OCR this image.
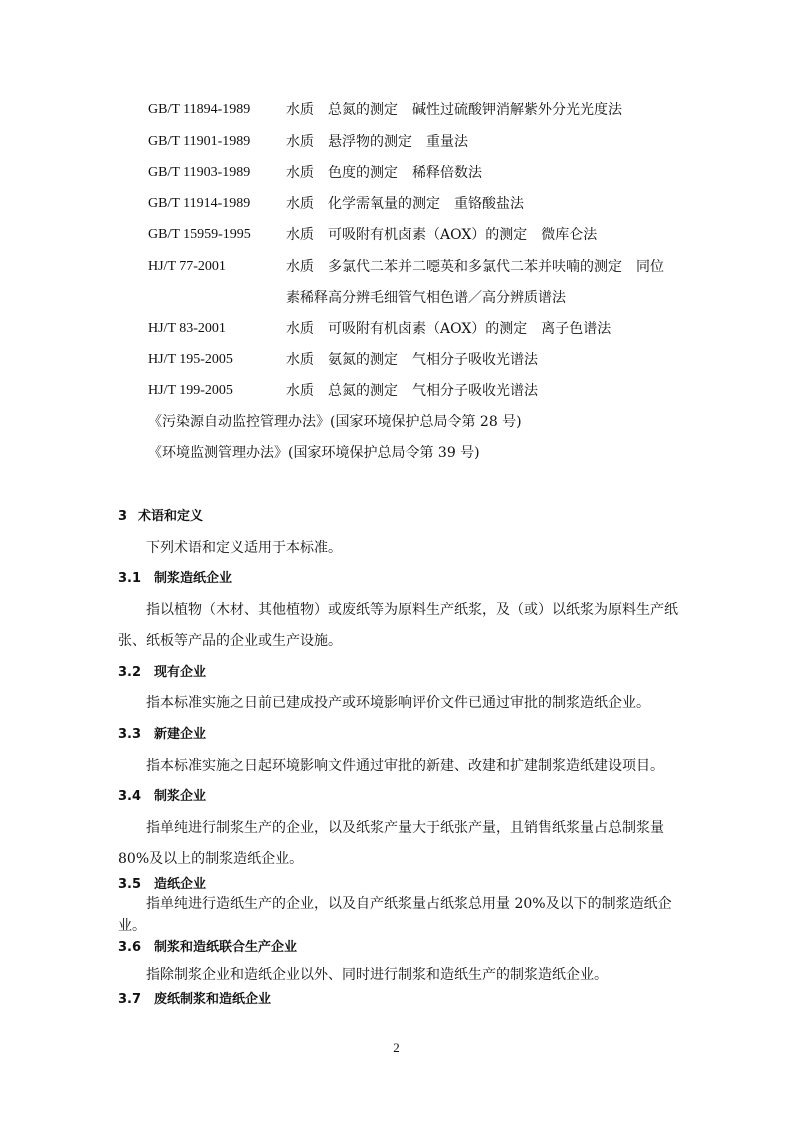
GB/T 11894-1989	水质　总氮的测定　碱性过硫酸钾消解紫外分光光度法
GB/T 11901-1989	水质　悬浮物的测定　重量法
GB/T 11903-1989	水质　色度的测定　稀释倍数法
GB/T 11914-1989	水质　化学需氧量的测定　重铬酸盐法
GB/T 15959-1995	水质　可吸附有机卤素（AOX）的测定　微库仑法
HJ/T 77-2001	水质　多氯代二苯并二噁英和多氯代二苯并呋喃的测定　同位
素稀释高分辨毛细管气相色谱／高分辨质谱法
HJ/T 83-2001	水质　可吸附有机卤素（AOX）的测定　离子色谱法
HJ/T 195-2005	水质　氨氮的测定　气相分子吸收光谱法
HJ/T 199-2005	水质　总氮的测定　气相分子吸收光谱法
《污染源自动监控管理办法》(国家环境保护总局令第 28 号)
《环境监测管理办法》(国家环境保护总局令第 39 号)
3 术语和定义

下列术语和定义适用于本标准。

3.1 制浆造纸企业

指以植物（木材、其他植物）或废纸等为原料生产纸浆，及（或）以纸浆为原料生产纸张、纸板等产品的企业或生产设施。

3.2 现有企业

指本标准实施之日前已建成投产或环境影响评价文件已通过审批的制浆造纸企业。

3.3 新建企业

指本标准实施之日起环境影响文件通过审批的新建、改建和扩建制浆造纸建设项目。

3.4 制浆企业

指单纯进行制浆生产的企业，以及纸浆产量大于纸张产量，且销售纸浆量占总制浆量80%及以上的制浆造纸企业。

3.5 造纸企业

指单纯进行造纸生产的企业，以及自产纸浆量占纸浆总用量 20%及以下的制浆造纸企业。

3.6 制浆和造纸联合生产企业

指除制浆企业和造纸企业以外、同时进行制浆和造纸生产的制浆造纸企业。

3.7 废纸制浆和造纸企业
2
